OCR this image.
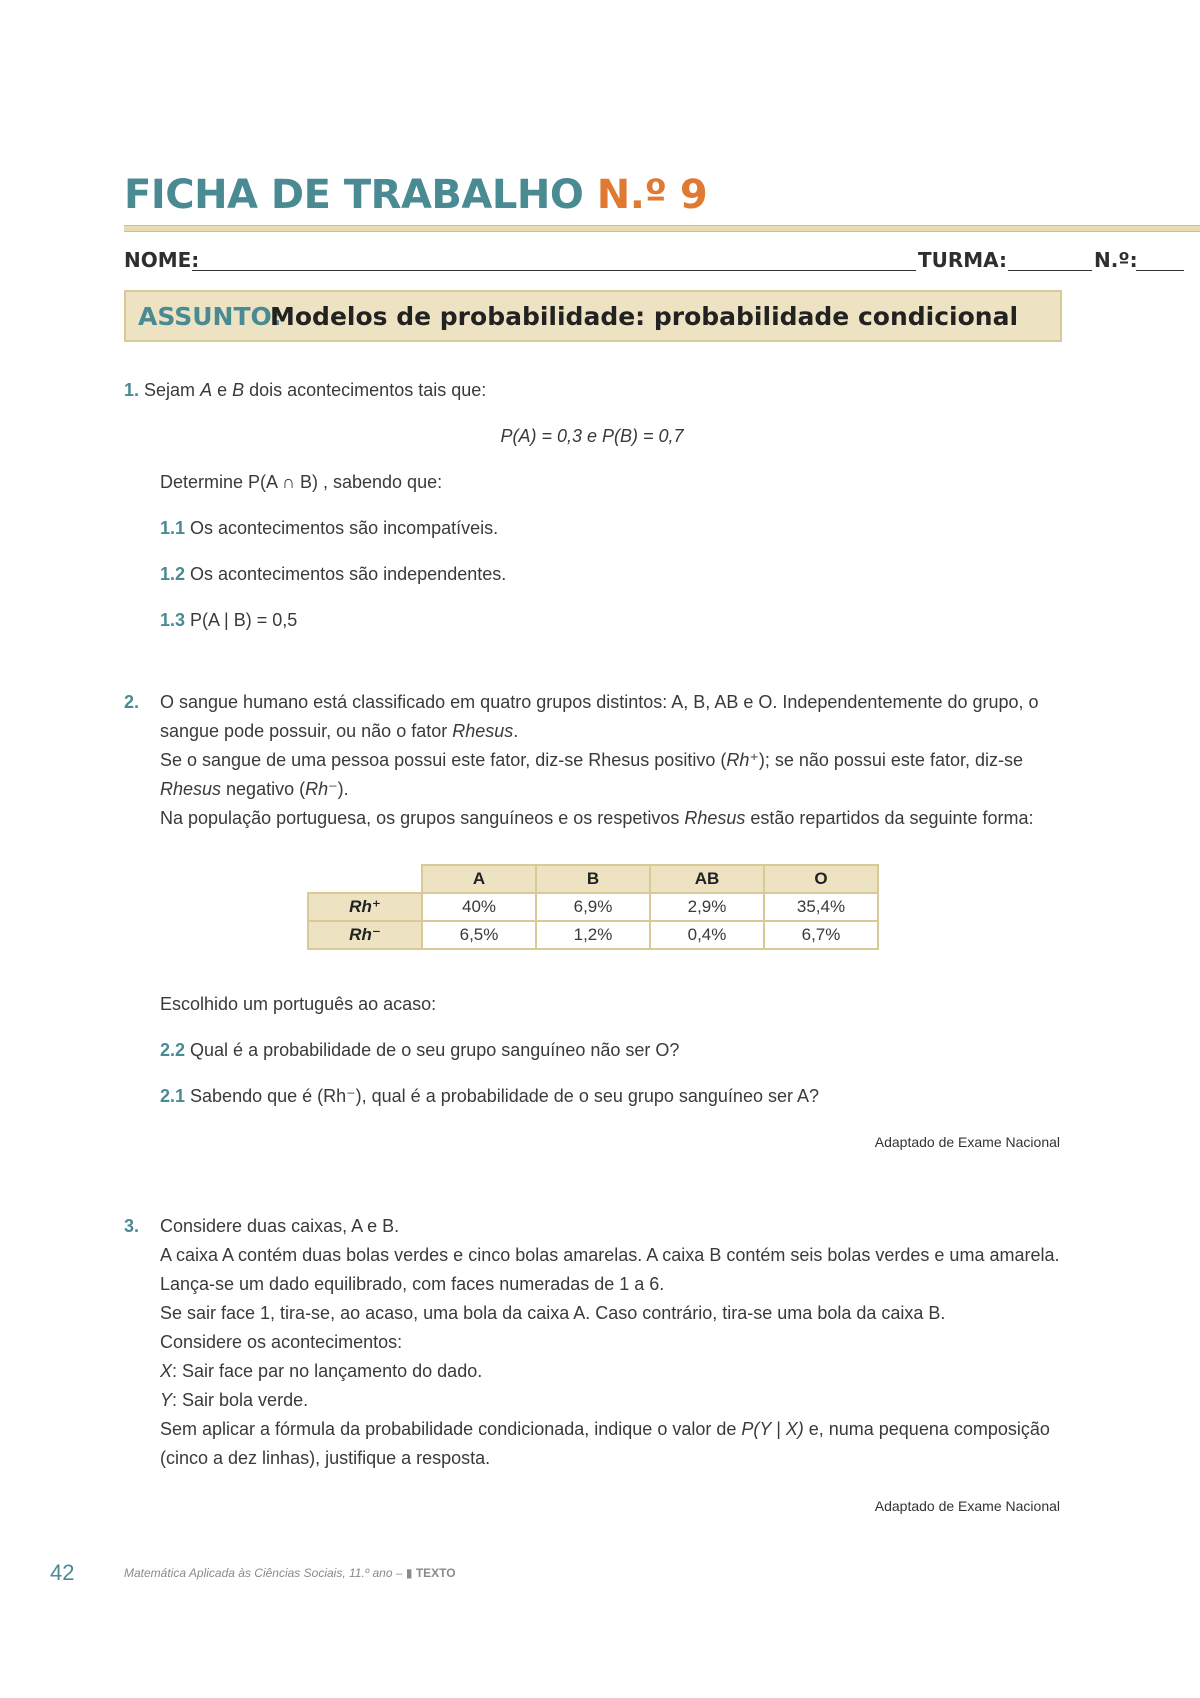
FICHA DE TRABALHO N.º 9
NOME:	TURMA:	N.º:
ASSUNTO:
Modelos de probabilidade: probabilidade condicional
1. Sejam A e B dois acontecimentos tais que:
P(A) = 0,3 e P(B) = 0,7
Determine P(A ∩ B) , sabendo que:
1.1 Os acontecimentos são incompatíveis.
1.2 Os acontecimentos são independentes.
1.3 P(A | B) = 0,5
2. O sangue humano está classificado em quatro grupos distintos: A, B, AB e O. Independentemente do grupo, o sangue pode possuir, ou não o fator Rhesus.
Se o sangue de uma pessoa possui este fator, diz-se Rhesus positivo (Rh⁺); se não possui este fator, diz-se Rhesus negativo (Rh⁻).
Na população portuguesa, os grupos sanguíneos e os respetivos Rhesus estão repartidos da seguinte forma:
	A	B	AB	O
Rh⁺	40%	6,9%	2,9%	35,4%
Rh⁻	6,5%	1,2%	0,4%	6,7%
Escolhido um português ao acaso:
2.2 Qual é a probabilidade de o seu grupo sanguíneo não ser O?
2.1 Sabendo que é (Rh⁻), qual é a probabilidade de o seu grupo sanguíneo ser A?
Adaptado de Exame Nacional
3. Considere duas caixas, A e B.
A caixa A contém duas bolas verdes e cinco bolas amarelas. A caixa B contém seis bolas verdes e uma amarela.
Lança-se um dado equilibrado, com faces numeradas de 1 a 6.
Se sair face 1, tira-se, ao acaso, uma bola da caixa A. Caso contrário, tira-se uma bola da caixa B.
Considere os acontecimentos:
X: Sair face par no lançamento do dado.
Y: Sair bola verde.
Sem aplicar a fórmula da probabilidade condicionada, indique o valor de P(Y | X) e, numa pequena composição (cinco a dez linhas), justifique a resposta.
Adaptado de Exame Nacional
42	Matemática Aplicada às Ciências Sociais, 11.º ano – ▮ TEXTO
